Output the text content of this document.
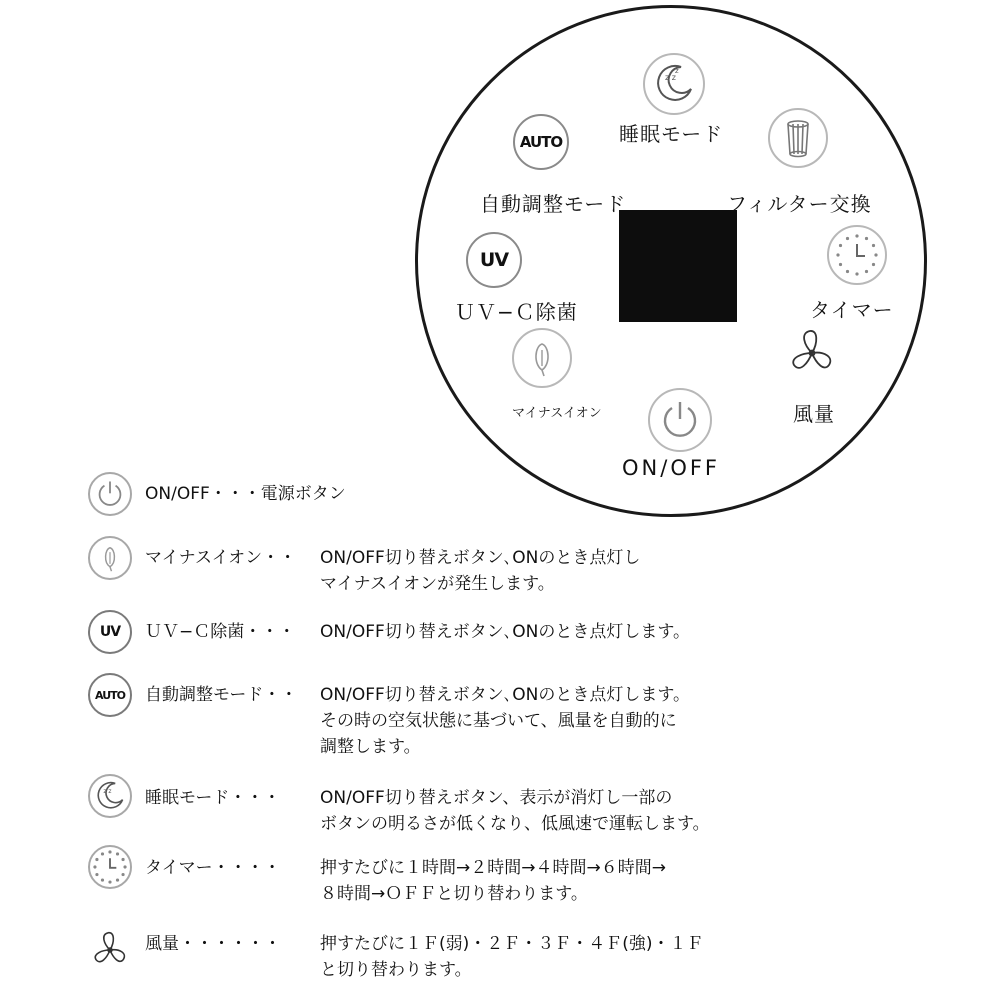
z z
z
睡眠モード
AUTO
自動調整モード	フィルター交換
UV
ＵＶ−Ｃ除菌	タイマー
マイナスイオン	風量
ON/OFF
ON/OFF・・・電源ボタン
マイナスイオン・・ ON/OFF切り替えボタン､ONのとき点灯し
マイナスイオンが発生します。
UV ＵＶ−Ｃ除菌・・・ ON/OFF切り替えボタン､ONのとき点灯します。
AUTO 自動調整モード・・ ON/OFF切り替えボタン､ONのとき点灯します。
その時の空気状態に基づいて、風量を自動的に
調整します。
z z 睡眠モード・・・ ON/OFF切り替えボタン、表示が消灯し一部の
ボタンの明るさが低くなり、低風速で運転します。
タイマー・・・・ 押すたびに１時間→２時間→４時間→６時間→
８時間→ＯＦＦと切り替わります。
風量・・・・・・ 押すたびに１Ｆ(弱)・２Ｆ・３Ｆ・４Ｆ(強)・１Ｆ
と切り替わります。
